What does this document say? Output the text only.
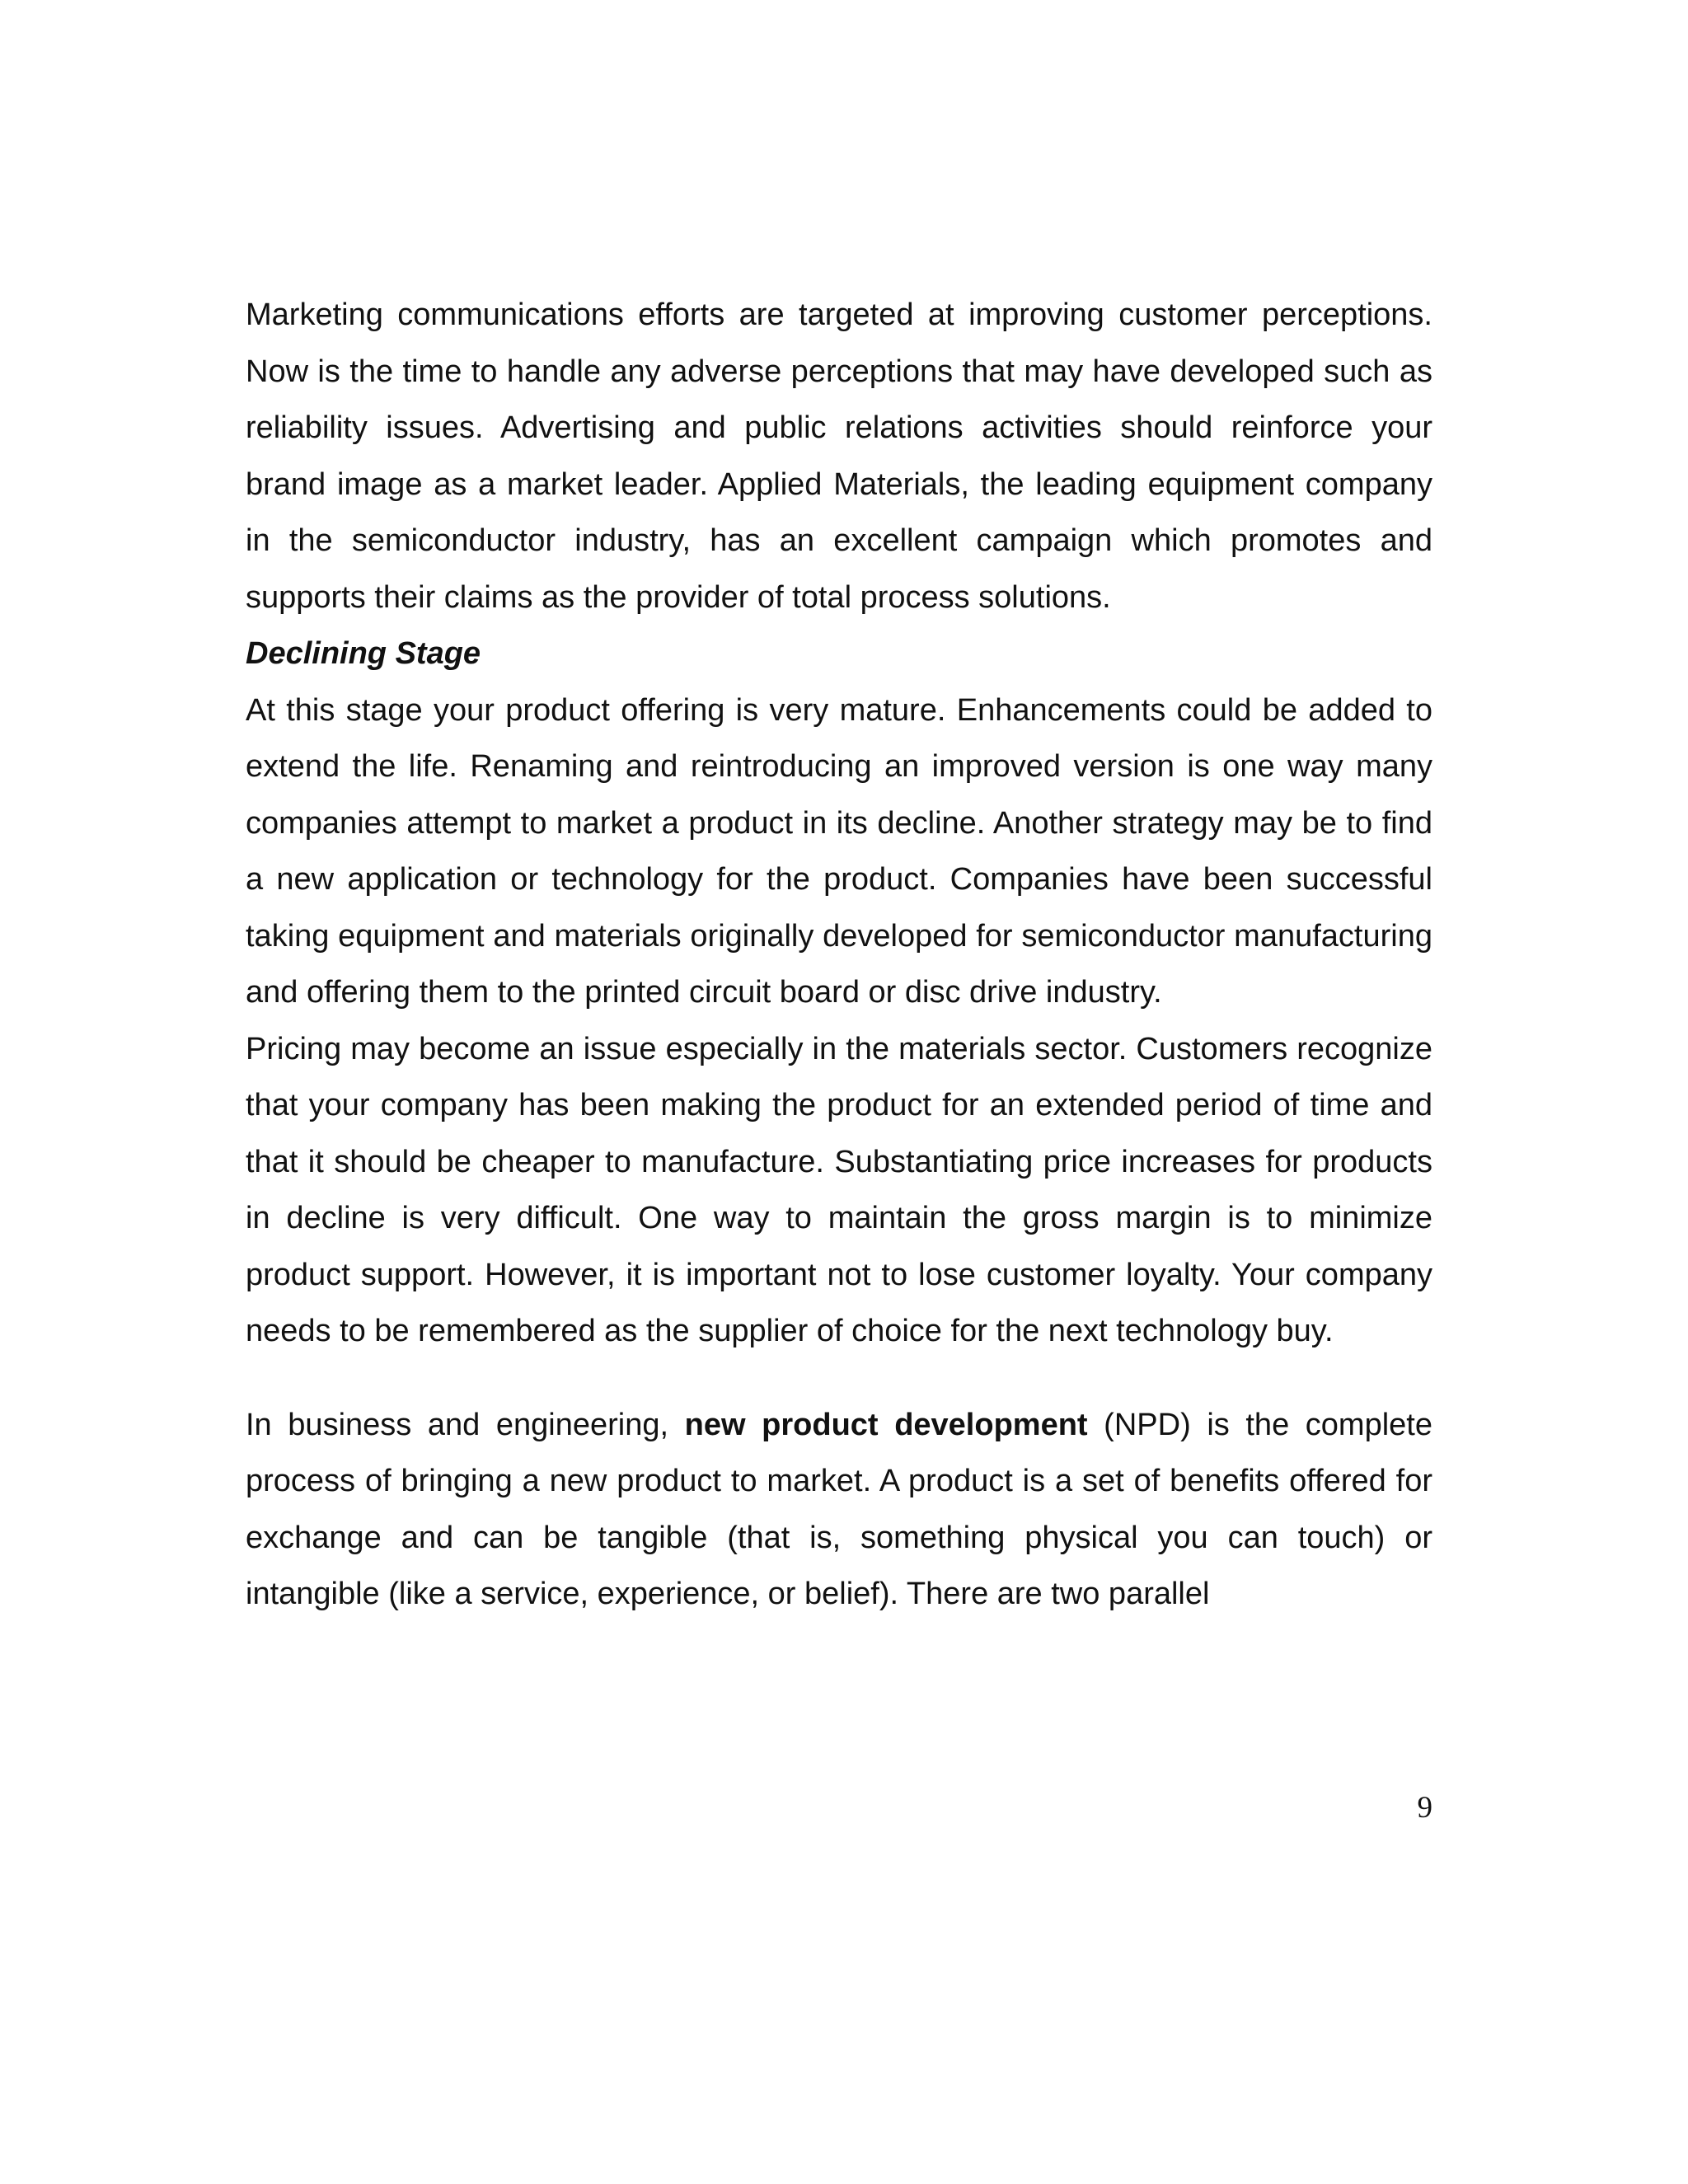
Marketing communications efforts are targeted at improving customer perceptions. Now is the time to handle any adverse perceptions that may have developed such as reliability issues. Advertising and public relations activities should reinforce your brand image as a market leader. Applied Materials, the leading equipment company in the semiconductor industry, has an excellent campaign which promotes and supports their claims as the provider of total process solutions.

Declining Stage

At this stage your product offering is very mature. Enhancements could be added to extend the life. Renaming and reintroducing an improved version is one way many companies attempt to market a product in its decline. Another strategy may be to find a new application or technology for the product. Companies have been successful taking equipment and materials originally developed for semiconductor manufacturing and offering them to the printed circuit board or disc drive industry.

Pricing may become an issue especially in the materials sector. Customers recognize that your company has been making the product for an extended period of time and that it should be cheaper to manufacture. Substantiating price increases for products in decline is very difficult. One way to maintain the gross margin is to minimize product support. However, it is important not to lose customer loyalty. Your company needs to be remembered as the supplier of choice for the next technology buy.

In business and engineering, new product development (NPD) is the complete process of bringing a new product to market. A product is a set of benefits offered for exchange and can be tangible (that is, something physical you can touch) or intangible (like a service, experience, or belief). There are two parallel

9
